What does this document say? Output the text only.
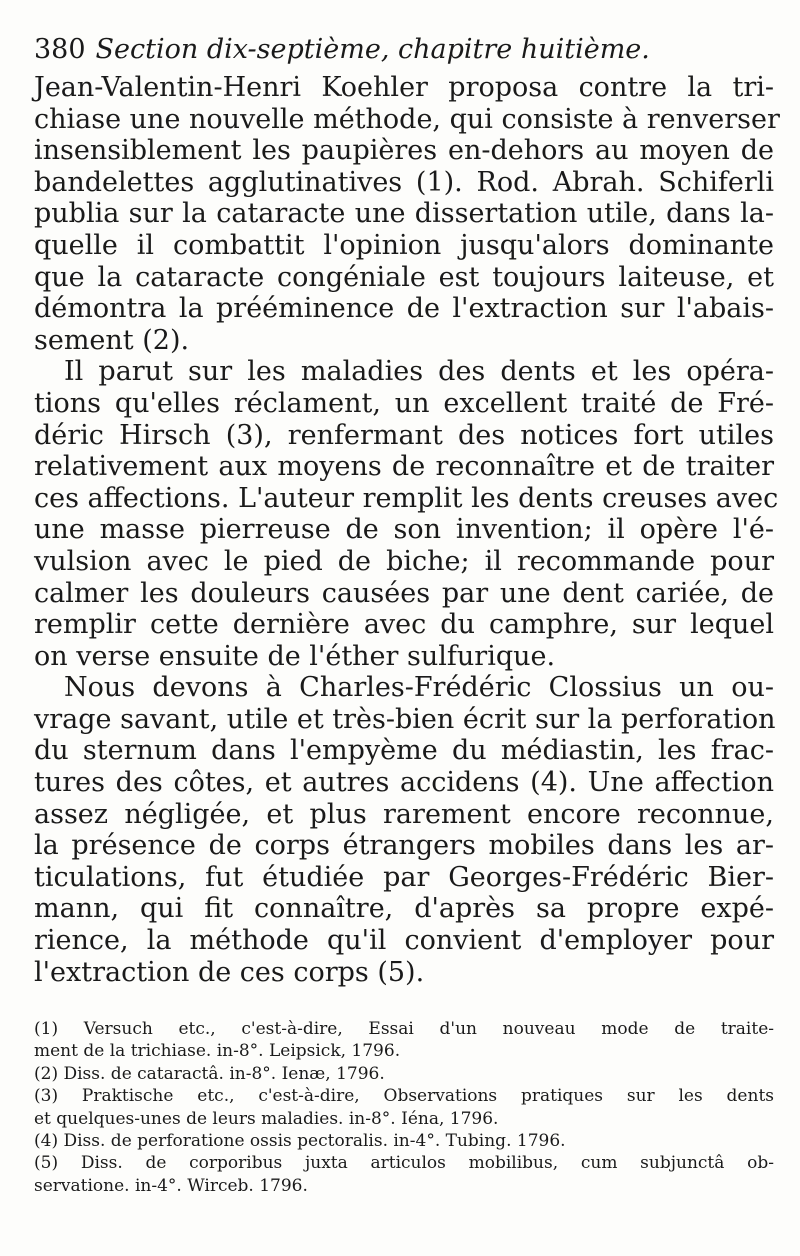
380 Section dix-septième, chapitre huitième.
Jean-Valentin-Henri Koehler proposa contre la tri-
chiase une nouvelle méthode, qui consiste à renverser
insensiblement les paupières en-dehors au moyen de
bandelettes agglutinatives (1). Rod. Abrah. Schiferli
publia sur la cataracte une dissertation utile, dans la-
quelle il combattit l'opinion jusqu'alors dominante
que la cataracte congéniale est toujours laiteuse, et
démontra la prééminence de l'extraction sur l'abais-
sement (2).
Il parut sur les maladies des dents et les opéra-
tions qu'elles réclament, un excellent traité de Fré-
déric Hirsch (3), renfermant des notices fort utiles
relativement aux moyens de reconnaître et de traiter
ces affections. L'auteur remplit les dents creuses avec
une masse pierreuse de son invention; il opère l'é-
vulsion avec le pied de biche; il recommande pour
calmer les douleurs causées par une dent cariée, de
remplir cette dernière avec du camphre, sur lequel
on verse ensuite de l'éther sulfurique.
Nous devons à Charles-Frédéric Clossius un ou-
vrage savant, utile et très-bien écrit sur la perforation
du sternum dans l'empyème du médiastin, les frac-
tures des côtes, et autres accidens (4). Une affection
assez négligée, et plus rarement encore reconnue,
la présence de corps étrangers mobiles dans les ar-
ticulations, fut étudiée par Georges-Frédéric Bier-
mann, qui fit connaître, d'après sa propre expé-
rience, la méthode qu'il convient d'employer pour
l'extraction de ces corps (5).
(1) Versuch etc., c'est-à-dire, Essai d'un nouveau mode de traite-
ment de la trichiase. in-8°. Leipsick, 1796.
(2) Diss. de cataractâ. in-8°. Ienæ, 1796.
(3) Praktische etc., c'est-à-dire, Observations pratiques sur les dents
et quelques-unes de leurs maladies. in-8°. Iéna, 1796.
(4) Diss. de perforatione ossis pectoralis. in-4°. Tubing. 1796.
(5) Diss. de corporibus juxta articulos mobilibus, cum subjunctâ ob-
servatione. in-4°. Wirceb. 1796.
